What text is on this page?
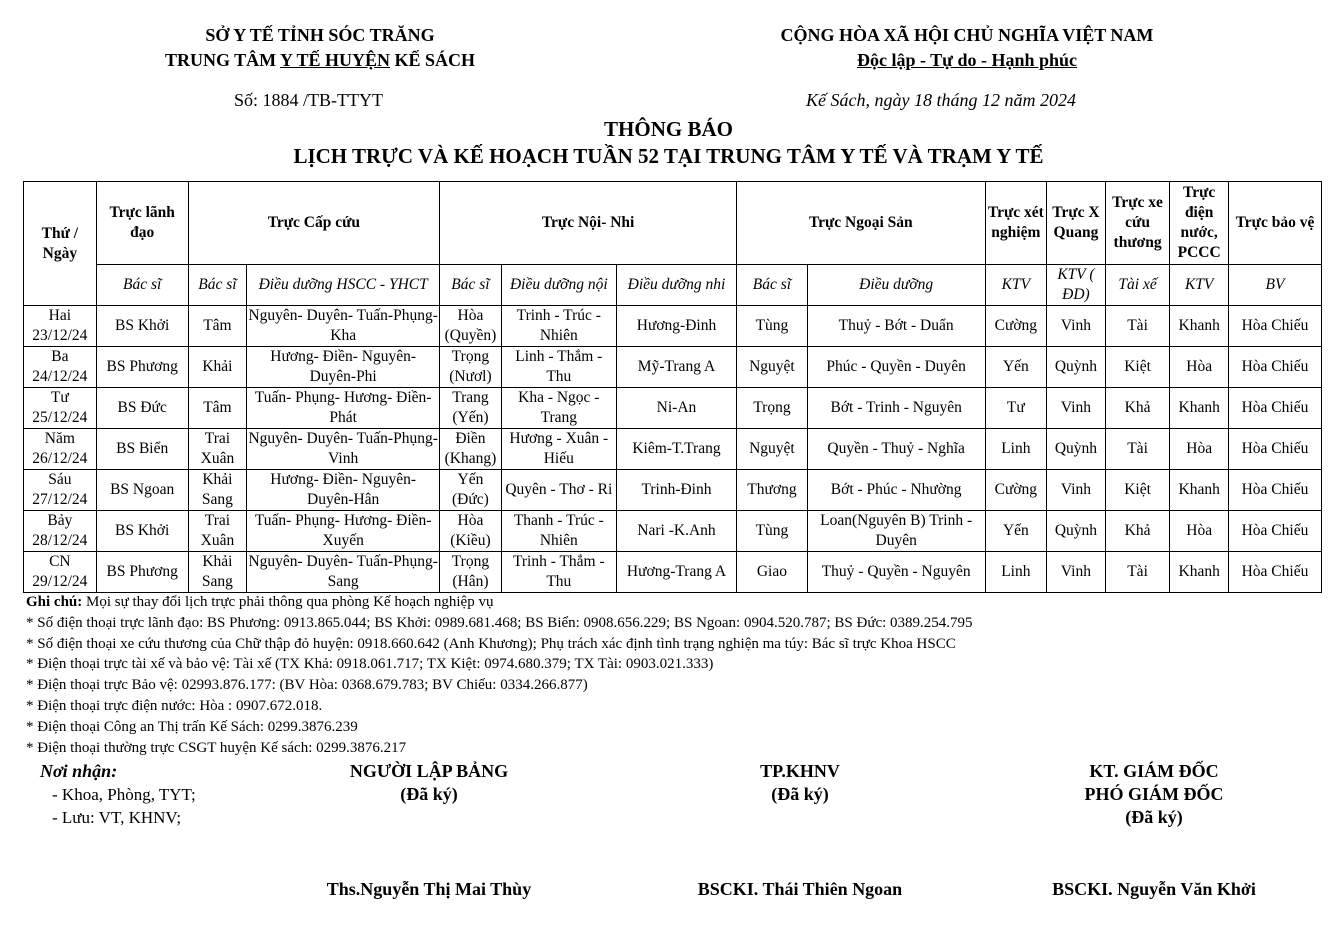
SỞ Y TẾ TỈNH SÓC TRĂNG
TRUNG TÂM Y TẾ HUYỆN KẾ SÁCH
Số: 1884 /TB-TTYT
CỘNG HÒA XÃ HỘI CHỦ NGHĨA VIỆT NAM
Độc lập - Tự do - Hạnh phúc
Kế Sách, ngày 18 tháng 12 năm 2024
THÔNG BÁO
LỊCH TRỰC VÀ KẾ HOẠCH TUẦN 52 TẠI TRUNG TÂM Y TẾ VÀ TRẠM Y TẾ
Thứ / Ngày	Trực lãnh đạo	Trực Cấp cứu		Trực Nội- Nhi			Trực Ngoại Sản		Trực xét nghiệm	Trực X Quang	Trực xe cứu thương	Trực điện nước, PCCC	Trực bảo vệ
	Bác sĩ	Bác sĩ	Điều dưỡng HSCC - YHCT	Bác sĩ	Điều dưỡng nội	Điều dưỡng nhi	Bác sĩ	Điều dưỡng	KTV	KTV ( ĐD)	Tài xế	KTV	BV

Hai
23/12/24	BS Khởi	Tâm	Nguyên- Duyên- Tuấn-Phụng-Kha	Hòa (Quyền)	Trinh - Trúc - Nhiên	Hương-Đinh	Tùng	Thuỷ - Bớt - Duẩn	Cường	Vinh	Tài	Khanh	Hòa Chiếu

Ba
24/12/24	BS Phương	Khải	Hương- Điền- Nguyên-Duyên-Phi	Trọng (Nươl)	Linh - Thắm - Thu	Mỹ-Trang A	Nguyệt	Phúc - Quyền - Duyên	Yến	Quỳnh	Kiệt	Hòa	Hòa Chiếu

Tư
25/12/24	BS Đức	Tâm	Tuấn- Phụng- Hương- Điền-Phát	Trang (Yến)	Kha - Ngọc - Trang	Ni-An	Trọng	Bớt - Trinh - Nguyên	Tư	Vinh	Khả	Khanh	Hòa Chiếu

Năm
26/12/24	BS Biển	Trai Xuân	Nguyên- Duyên- Tuấn-Phụng-Vinh	Điền (Khang)	Hương - Xuân - Hiếu	Kiêm-T.Trang	Nguyệt	Quyền - Thuỷ - Nghĩa	Linh	Quỳnh	Tài	Hòa	Hòa Chiếu

Sáu
27/12/24	BS Ngoan	Khải Sang	Hương- Điền- Nguyên-Duyên-Hân	Yến (Đức)	Quyên - Thơ - Ri	Trinh-Đinh	Thương	Bớt - Phúc - Nhường	Cường	Vinh	Kiệt	Khanh	Hòa Chiếu

Bảy
28/12/24	BS Khởi	Trai Xuân	Tuấn- Phụng- Hương- Điền-Xuyến	Hòa (Kiều)	Thanh - Trúc - Nhiên	Nari -K.Anh	Tùng	Loan(Nguyên B) Trinh - Duyên	Yến	Quỳnh	Khả	Hòa	Hòa Chiếu

CN
29/12/24	BS Phương	Khải Sang	Nguyên- Duyên- Tuấn-Phụng-Sang	Trọng (Hân)	Trinh - Thắm - Thu	Hương-Trang A	Giao	Thuỷ - Quyền - Nguyên	Linh	Vinh	Tài	Khanh	Hòa Chiếu
Ghi chú: Mọi sự thay đổi lịch trực phải thông qua phòng Kế hoạch nghiệp vụ
* Số điện thoại trực lãnh đạo: BS Phương: 0913.865.044; BS Khởi: 0989.681.468; BS Biển: 0908.656.229; BS Ngoan: 0904.520.787; BS Đức: 0389.254.795
* Số điện thoại xe cứu thương của Chữ thập đỏ huyện: 0918.660.642 (Anh Khương); Phụ trách xác định tình trạng nghiện ma túy: Bác sĩ trực Khoa HSCC
* Điện thoại trực tài xế và bảo vệ: Tài xế (TX Khả: 0918.061.717; TX Kiệt: 0974.680.379; TX Tài: 0903.021.333)
* Điện thoại trực Bảo vệ: 02993.876.177: (BV Hòa: 0368.679.783; BV Chiếu: 0334.266.877)
* Điện thoại trực điện nước: Hòa : 0907.672.018.
* Điện thoại Công an Thị trấn Kế Sách: 0299.3876.239
* Điện thoại thường trực CSGT huyện Kế sách: 0299.3876.217
Nơi nhận:
- Khoa, Phòng, TYT;
- Lưu: VT, KHNV;
NGƯỜI LẬP BẢNG
(Đã ký)
Ths.Nguyễn Thị Mai Thùy
TP.KHNV
(Đã ký)
BSCKI. Thái Thiên Ngoan
KT. GIÁM ĐỐC
PHÓ GIÁM ĐỐC
(Đã ký)
BSCKI. Nguyễn Văn Khởi
